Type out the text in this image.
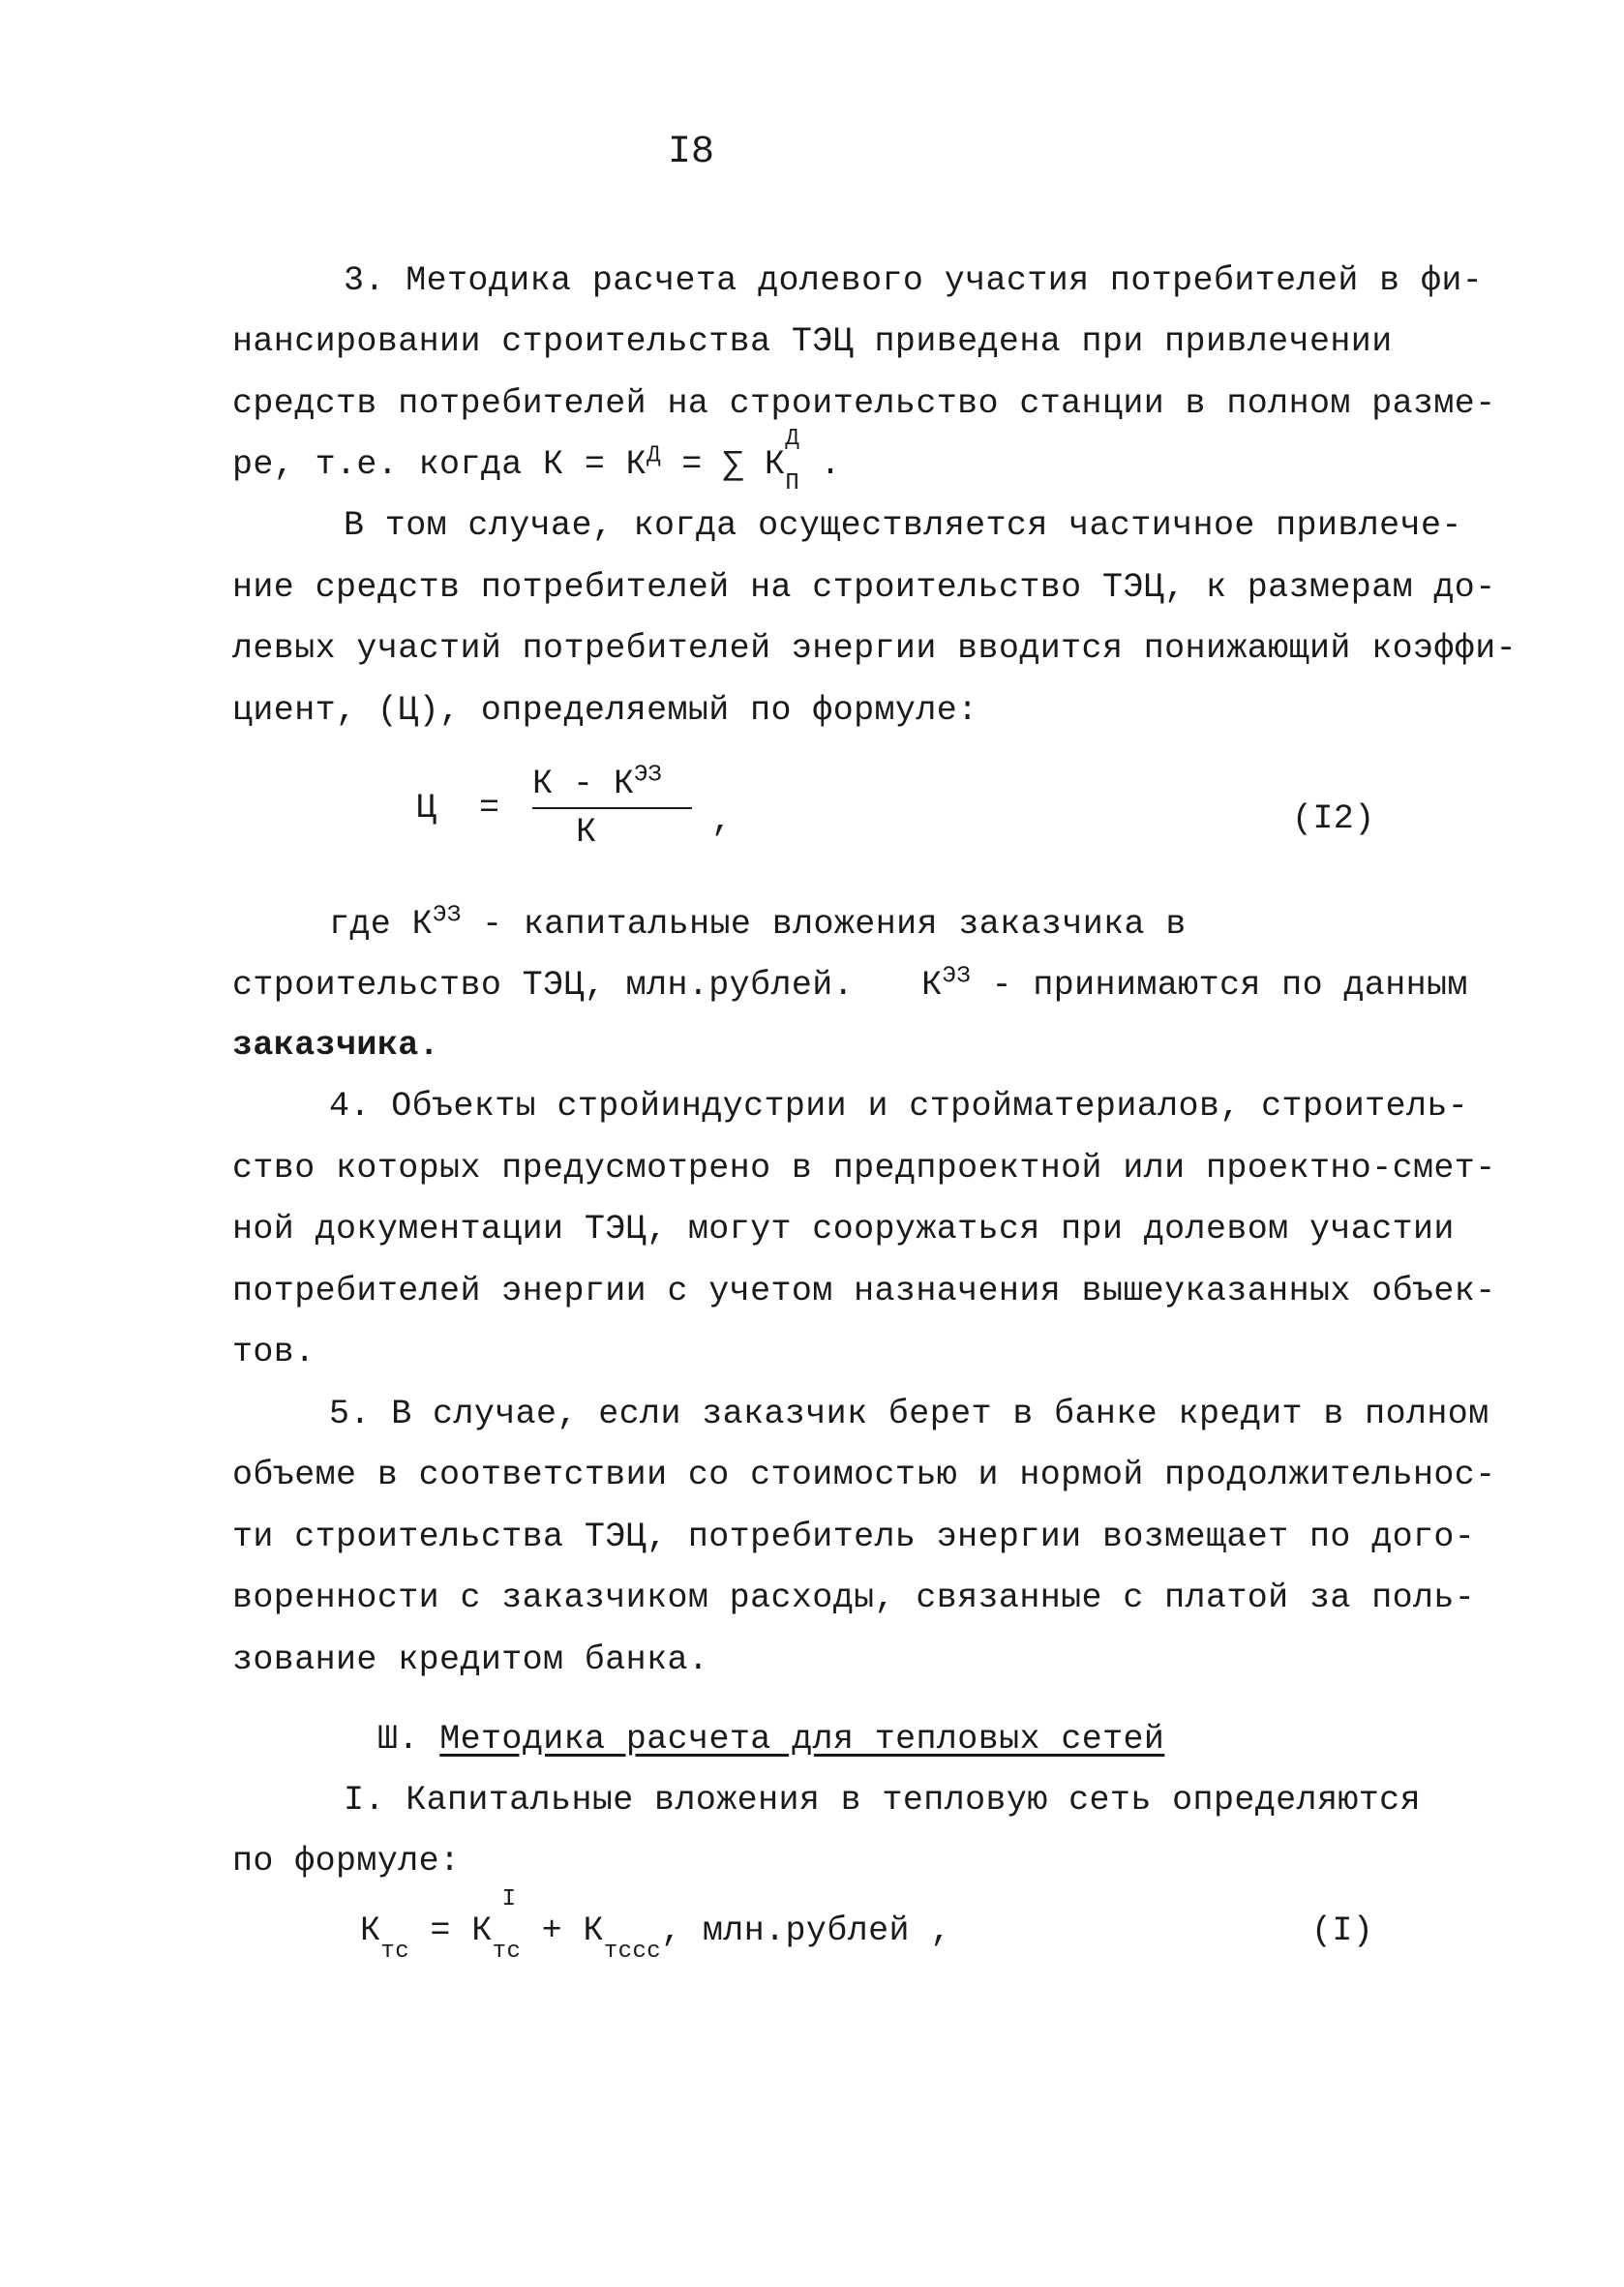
I8
3. Методика расчета долевого участия потребителей в фи-
нансировании строительства ТЭЦ приведена при привлечении
средств потребителей на строительство станции в полном разме-
ре, т.е. когда $К = К^Д$ = ∑ К
Д
$_П$ .
В том случае, когда осуществляется частичное привлече-
ние средств потребителей на строительство ТЭЦ, к размерам до-
левых участий потребителей энергии вводится понижающий коэффи-
циент, (Ц), определяемый по формуле:
Ц =
К - $К^{ЭЗ}$
К	,	(I2)
где $К^{ЭЗ}$ - капитальные вложения заказчика в
строительство ТЭЦ, млн.рублей. $К^{ЭЗ}$ - принимаются по данным
заказчика.
4. Объекты стройиндустрии и стройматериалов, строитель-
ство которых предусмотрено в предпроектной или проектно-смет-
ной документации ТЭЦ, могут сооружаться при долевом участии
потребителей энергии с учетом назначения вышеуказанных объек-
тов.
5. В случае, если заказчик берет в банке кредит в полном
объеме в соответствии со стоимостью и нормой продолжительнос-
ти строительства ТЭЦ, потребитель энергии возмещает по дого-
воренности с заказчиком расходы, связанные с платой за поль-
зование кредитом банка.
Ш. Методика расчета для тепловых сетей
I. Капитальные вложения в тепловую сеть определяются
по формуле:
$К_{тс} = К$
I
$_{тс} + К_{тссс}$, млн.рублей ,	(I)
